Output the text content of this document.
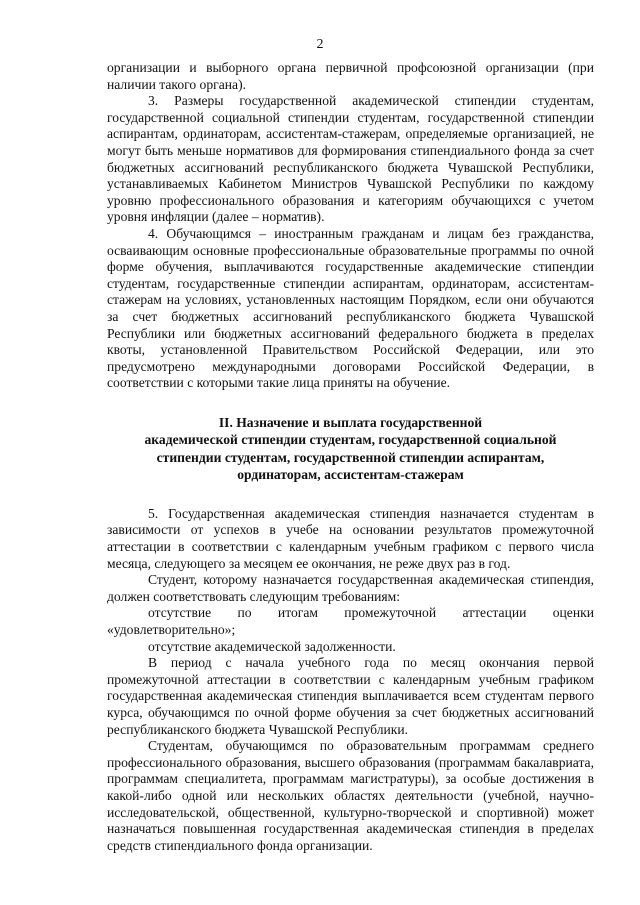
2

организации и выборного органа первичной профсоюзной организации (при наличии такого органа).

3. Размеры государственной академической стипендии студентам, государственной социальной стипендии студентам, государственной стипендии аспирантам, ординаторам, ассистентам-стажерам, определяемые организацией, не могут быть меньше нормативов для формирования стипендиального фонда за счет бюджетных ассигнований республиканского бюджета Чувашской Республики, устанавливаемых Кабинетом Министров Чувашской Республики по каждому уровню профессионального образования и категориям обучающихся с учетом уровня инфляции (далее – норматив).

4. Обучающимся – иностранным гражданам и лицам без гражданства, осваивающим основные профессиональные образовательные программы по очной форме обучения, выплачиваются государственные академические стипендии студентам, государственные стипендии аспирантам, ординаторам, ассистентам-стажерам на условиях, установленных настоящим Порядком, если они обучаются за счет бюджетных ассигнований республиканского бюджета Чувашской Республики или бюджетных ассигнований федерального бюджета в пределах квоты, установленной Правительством Российской Федерации, или это предусмотрено международными договорами Российской Федерации, в соответствии с которыми такие лица приняты на обучение.

II. Назначение и выплата государственной
академической стипендии студентам, государственной социальной
стипендии студентам, государственной стипендии аспирантам,
ординаторам, ассистентам-стажерам

5. Государственная академическая стипендия назначается студентам в зависимости от успехов в учебе на основании результатов промежуточной аттестации в соответствии с календарным учебным графиком с первого числа месяца, следующего за месяцем ее окончания, не реже двух раз в год.

Студент, которому назначается государственная академическая стипендия, должен соответствовать следующим требованиям:

отсутствие по итогам промежуточной аттестации оценки «удовлетворительно»;

отсутствие академической задолженности.

В период с начала учебного года по месяц окончания первой промежуточной аттестации в соответствии с календарным учебным графиком государственная академическая стипендия выплачивается всем студентам первого курса, обучающимся по очной форме обучения за счет бюджетных ассигнований республиканского бюджета Чувашской Республики.

Студентам, обучающимся по образовательным программам среднего профессионального образования, высшего образования (программам бакалавриата, программам специалитета, программам магистратуры), за особые достижения в какой-либо одной или нескольких областях деятельности (учебной, научно-исследовательской, общественной, культурно-творческой и спортивной) может назначаться повышенная государственная академическая стипендия в пределах средств стипендиального фонда организации.
